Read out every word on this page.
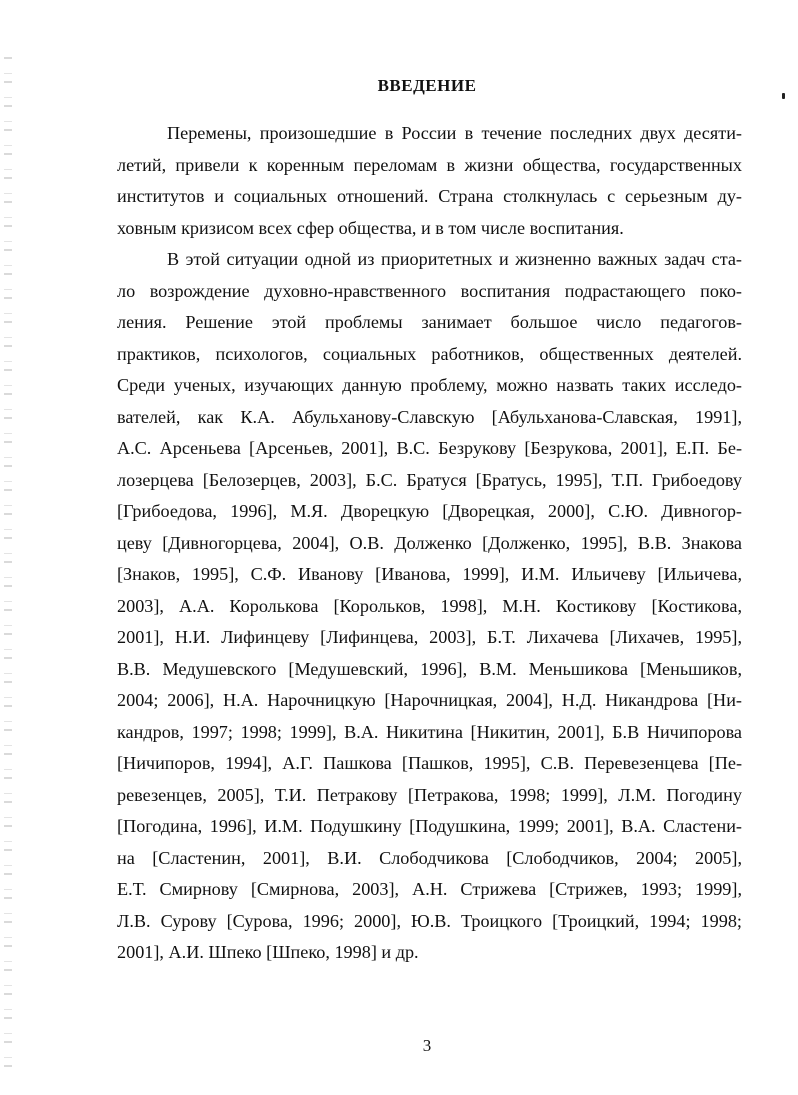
ВВЕДЕНИЕ
Перемены, произошедшие в России в течение последних двух десяти-
летий, привели к коренным переломам в жизни общества, государственных
институтов и социальных отношений. Страна столкнулась с серьезным ду-
ховным кризисом всех сфер общества, и в том числе воспитания.
В этой ситуации одной из приоритетных и жизненно важных задач ста-
ло возрождение духовно-нравственного воспитания подрастающего поко-
ления. Решение этой проблемы занимает большое число педагогов-
практиков, психологов, социальных работников, общественных деятелей.
Среди ученых, изучающих данную проблему, можно назвать таких исследо-
вателей, как К.А. Абульханову-Славскую [Абульханова-Славская, 1991],
А.С. Арсеньева [Арсеньев, 2001], В.С. Безрукову [Безрукова, 2001], Е.П. Бе-
лозерцева [Белозерцев, 2003], Б.С. Братуся [Братусь, 1995], Т.П. Грибоедову
[Грибоедова, 1996], М.Я. Дворецкую [Дворецкая, 2000], С.Ю. Дивногор-
цеву [Дивногорцева, 2004], О.В. Долженко [Долженко, 1995], В.В. Знакова
[Знаков, 1995], С.Ф. Иванову [Иванова, 1999], И.М. Ильичеву [Ильичева,
2003], А.А. Королькова [Корольков, 1998], М.Н. Костикову [Костикова,
2001], Н.И. Лифинцеву [Лифинцева, 2003], Б.Т. Лихачева [Лихачев, 1995],
В.В. Медушевского [Медушевский, 1996], В.М. Меньшикова [Меньшиков,
2004; 2006], Н.А. Нарочницкую [Нарочницкая, 2004], Н.Д. Никандрова [Ни-
кандров, 1997; 1998; 1999], В.А. Никитина [Никитин, 2001], Б.В Ничипорова
[Ничипоров, 1994], А.Г. Пашкова [Пашков, 1995], С.В. Перевезенцева [Пе-
ревезенцев, 2005], Т.И. Петракову [Петракова, 1998; 1999], Л.М. Погодину
[Погодина, 1996], И.М. Подушкину [Подушкина, 1999; 2001], В.А. Сластени-
на [Сластенин, 2001], В.И. Слободчикова [Слободчиков, 2004; 2005],
Е.Т. Смирнову [Смирнова, 2003], А.Н. Стрижева [Стрижев, 1993; 1999],
Л.В. Сурову [Сурова, 1996; 2000], Ю.В. Троицкого [Троицкий, 1994; 1998;
2001], А.И. Шпеко [Шпеко, 1998] и др.
3
